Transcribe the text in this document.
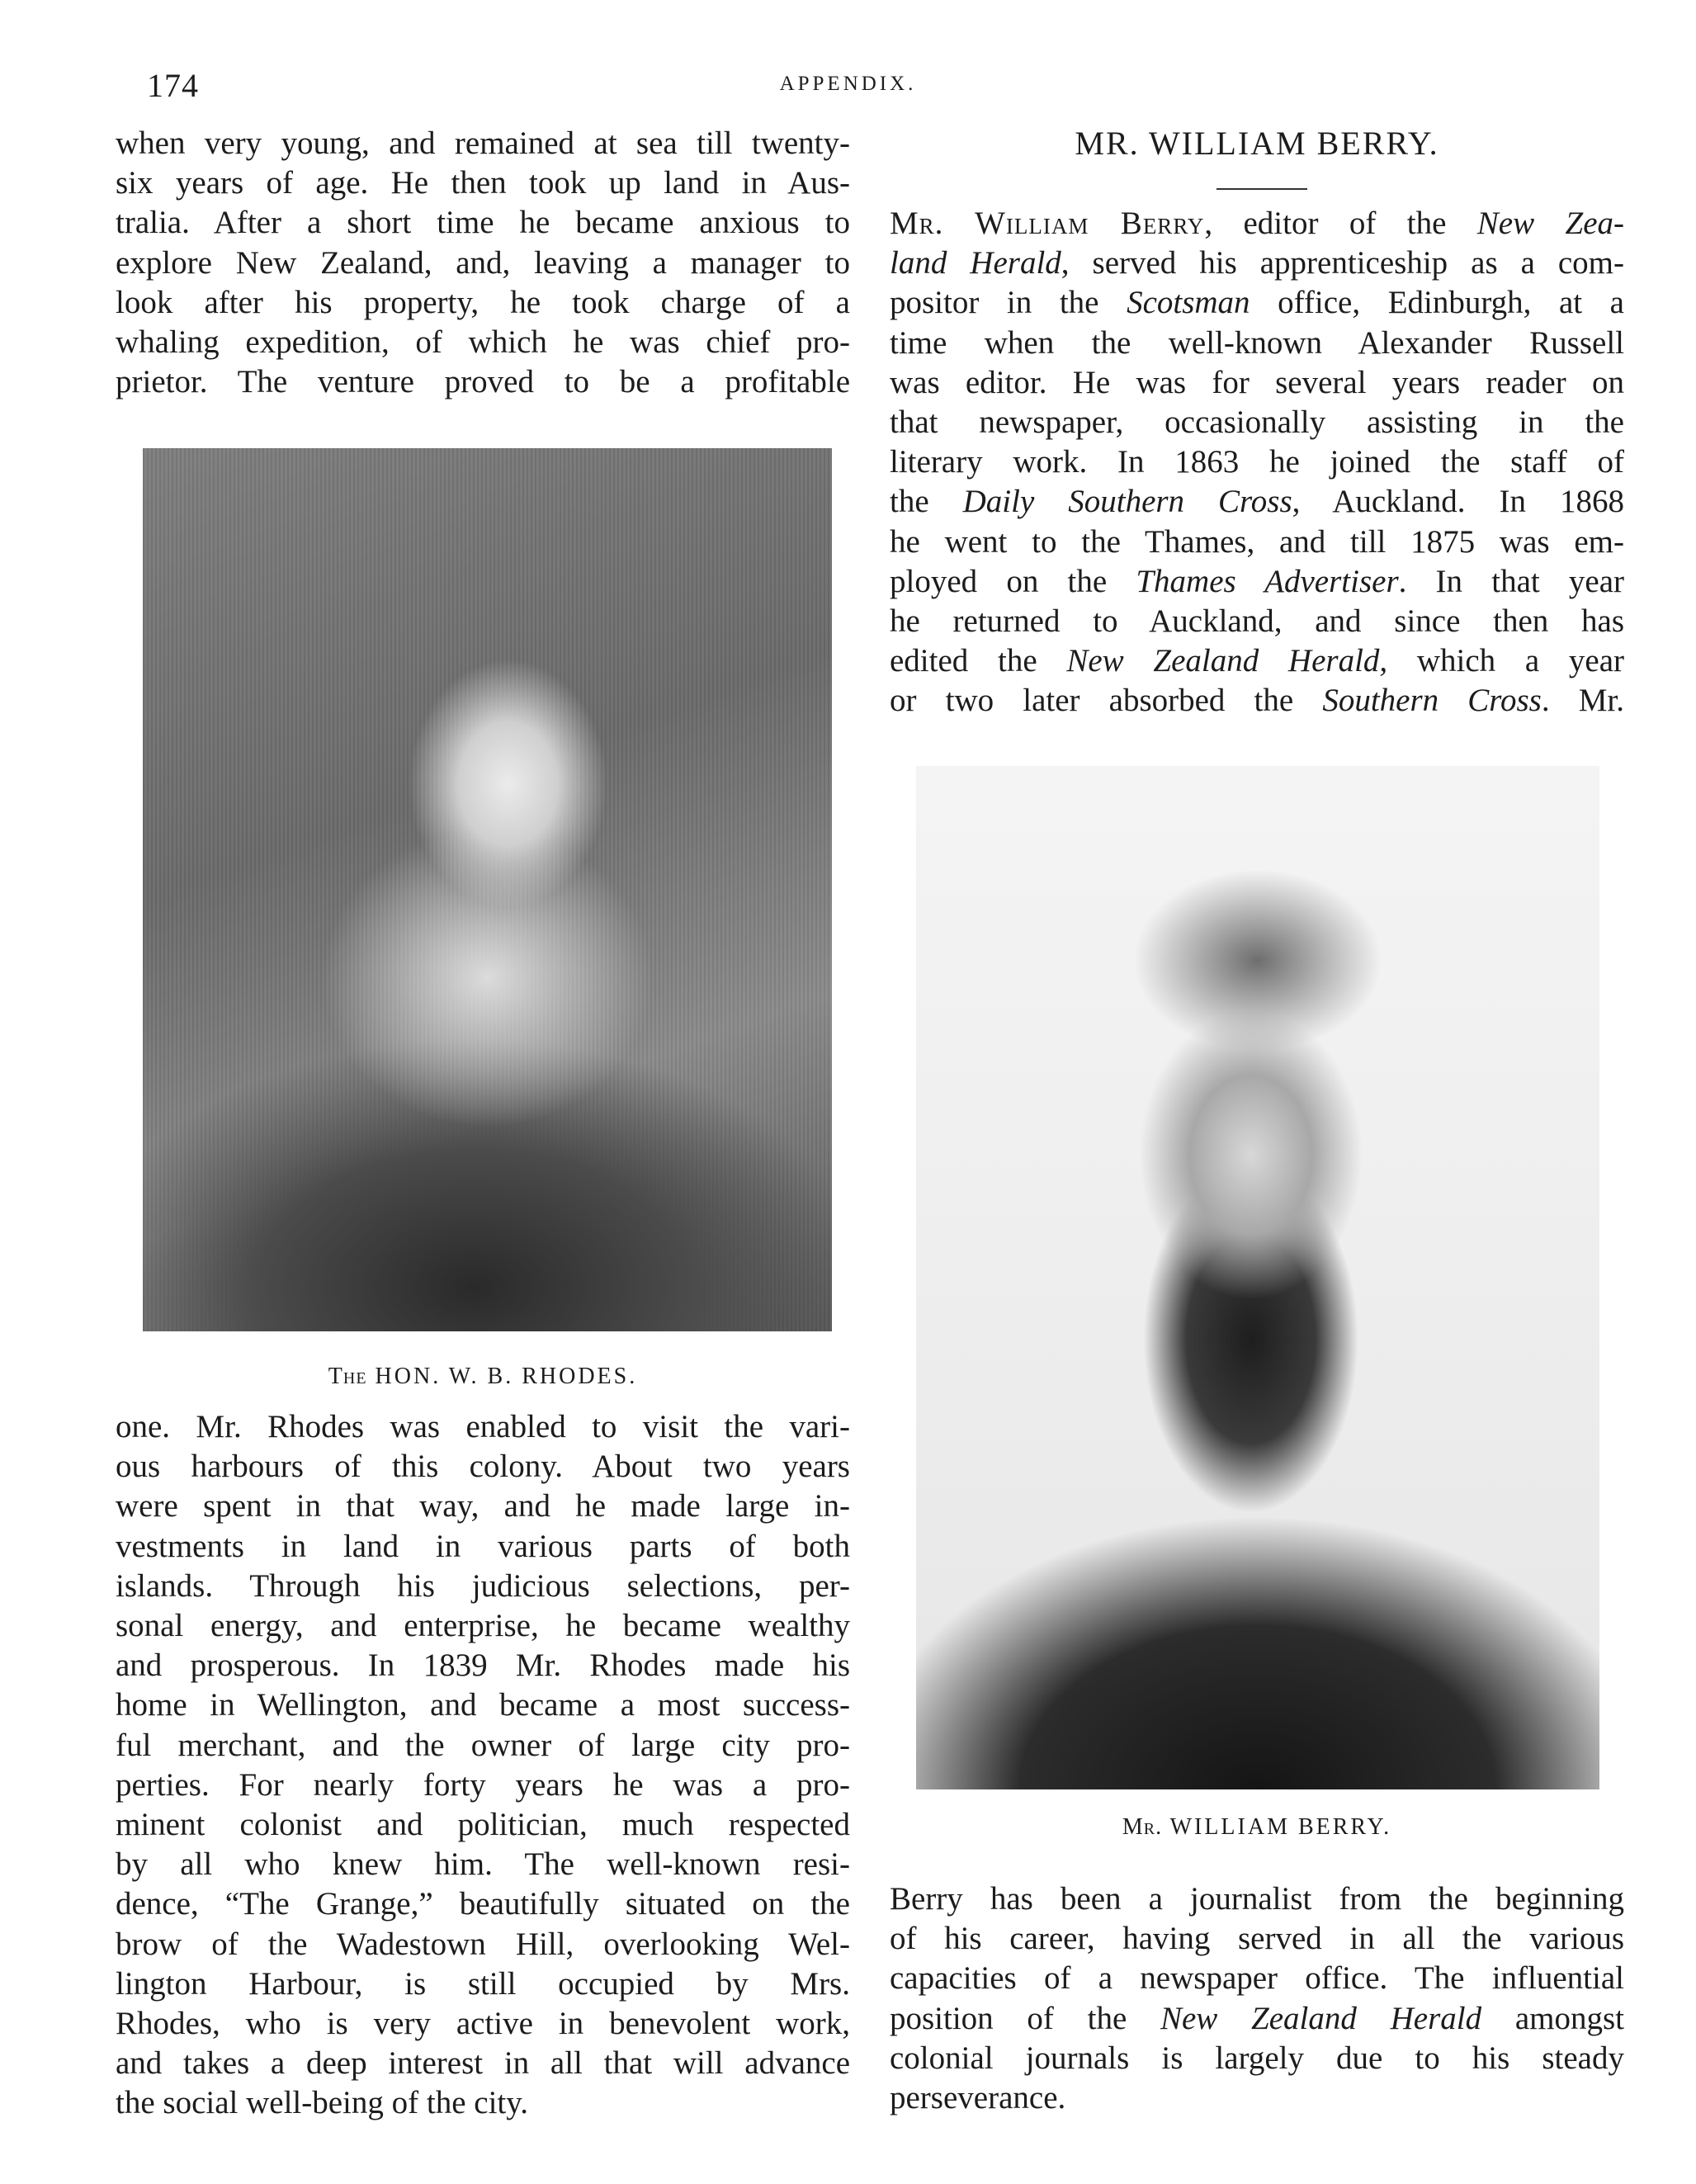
174	APPENDIX.

when very young, and remained at sea till twenty-

six years of age. He then took up land in Aus-

tralia. After a short time he became anxious to

explore New Zealand, and, leaving a manager to

look after his property, he took charge of a

whaling expedition, of which he was chief pro-

prietor. The venture proved to be a profitable

The HON. W. B. RHODES.

one. Mr. Rhodes was enabled to visit the vari-

ous harbours of this colony. About two years

were spent in that way, and he made large in-

vestments in land in various parts of both

islands. Through his judicious selections, per-

sonal energy, and enterprise, he became wealthy

and prosperous. In 1839 Mr. Rhodes made his

home in Wellington, and became a most success-

ful merchant, and the owner of large city pro-

perties. For nearly forty years he was a pro-

minent colonist and politician, much respected

by all who knew him. The well-known resi-

dence, “The Grange,” beautifully situated on the

brow of the Wadestown Hill, overlooking Wel-

lington Harbour, is still occupied by Mrs.

Rhodes, who is very active in benevolent work,

and takes a deep interest in all that will advance

the social well-being of the city.

MR. WILLIAM BERRY.

Mr. William Berry, editor of the New Zea-

land Herald, served his apprenticeship as a com-

positor in the Scotsman office, Edinburgh, at a

time when the well-known Alexander Russell

was editor. He was for several years reader on

that newspaper, occasionally assisting in the

literary work. In 1863 he joined the staff of

the Daily Southern Cross, Auckland. In 1868

he went to the Thames, and till 1875 was em-

ployed on the Thames Advertiser. In that year

he returned to Auckland, and since then has

edited the New Zealand Herald, which a year

or two later absorbed the Southern Cross. Mr.

Mr. WILLIAM BERRY.

Berry has been a journalist from the beginning

of his career, having served in all the various

capacities of a newspaper office. The influential

position of the New Zealand Herald amongst

colonial journals is largely due to his steady

perseverance.
